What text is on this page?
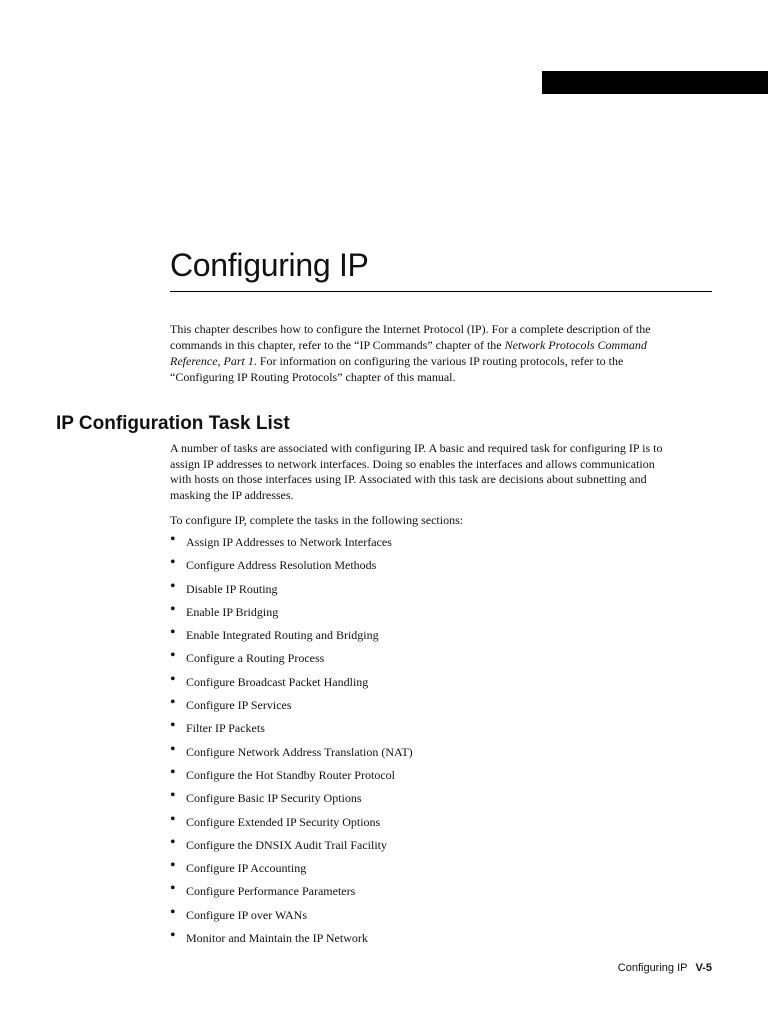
Configuring IP

This chapter describes how to configure the Internet Protocol (IP). For a complete description of the commands in this chapter, refer to the “IP Commands” chapter of the Network Protocols Command Reference, Part 1. For information on configuring the various IP routing protocols, refer to the “Configuring IP Routing Protocols” chapter of this manual.

IP Configuration Task List

A number of tasks are associated with configuring IP. A basic and required task for configuring IP is to assign IP addresses to network interfaces. Doing so enables the interfaces and allows communication with hosts on those interfaces using IP. Associated with this task are decisions about subnetting and masking the IP addresses.

To configure IP, complete the tasks in the following sections:

• Assign IP Addresses to Network Interfaces
• Configure Address Resolution Methods
• Disable IP Routing
• Enable IP Bridging
• Enable Integrated Routing and Bridging
• Configure a Routing Process
• Configure Broadcast Packet Handling
• Configure IP Services
• Filter IP Packets
• Configure Network Address Translation (NAT)
• Configure the Hot Standby Router Protocol
• Configure Basic IP Security Options
• Configure Extended IP Security Options
• Configure the DNSIX Audit Trail Facility
• Configure IP Accounting
• Configure Performance Parameters
• Configure IP over WANs
• Monitor and Maintain the IP Network
Configuring IP V-5
